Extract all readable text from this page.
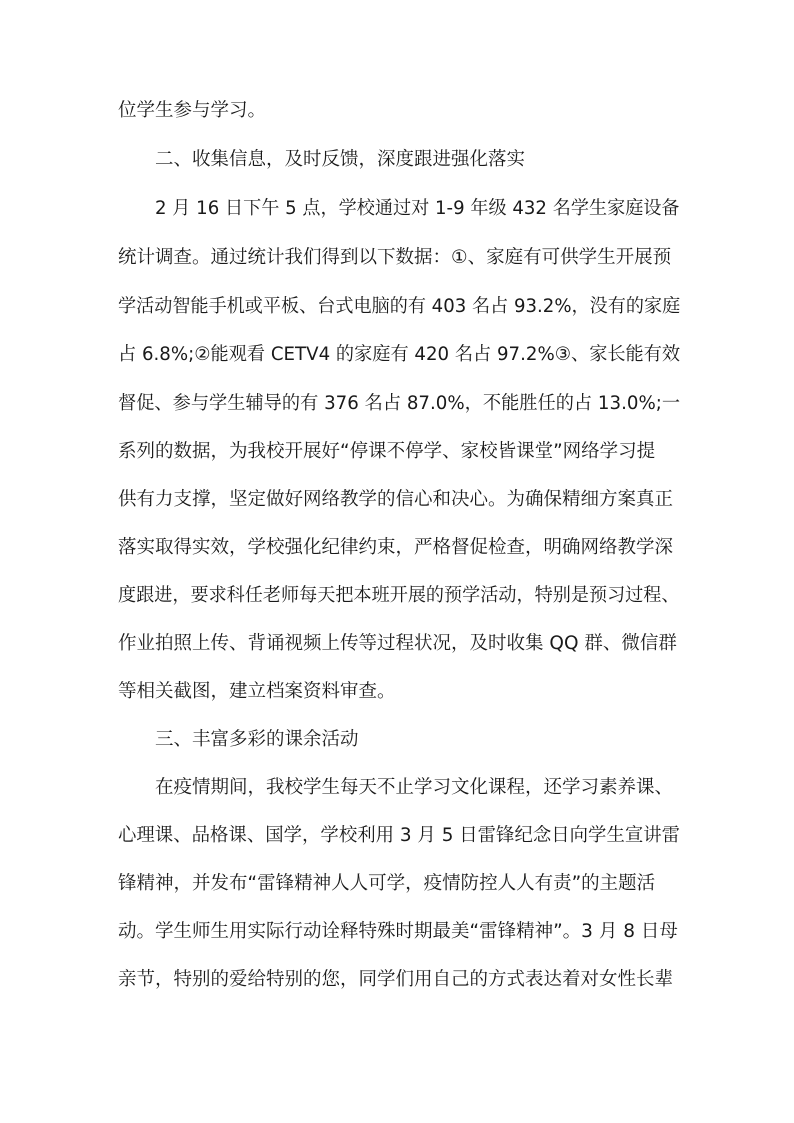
位学生参与学习。
二、收集信息，及时反馈，深度跟进强化落实
2 月 16 日下午 5 点，学校通过对 1-9 年级 432 名学生家庭设备
统计调查。通过统计我们得到以下数据：①、家庭有可供学生开展预
学活动智能手机或平板、台式电脑的有 403 名占 93.2%，没有的家庭
占 6.8%;②能观看 CETV4 的家庭有 420 名占 97.2%③、家长能有效
督促、参与学生辅导的有 376 名占 87.0%，不能胜任的占 13.0%;一
系列的数据，为我校开展好“停课不停学、家校皆课堂”网络学习提
供有力支撑，坚定做好网络教学的信心和决心。为确保精细方案真正
落实取得实效，学校强化纪律约束，严格督促检查，明确网络教学深
度跟进，要求科任老师每天把本班开展的预学活动，特别是预习过程、
作业拍照上传、背诵视频上传等过程状况，及时收集 QQ 群、微信群
等相关截图，建立档案资料审查。
三、丰富多彩的课余活动
在疫情期间，我校学生每天不止学习文化课程，还学习素养课、
心理课、品格课、国学，学校利用 3 月 5 日雷锋纪念日向学生宣讲雷
锋精神，并发布“雷锋精神人人可学，疫情防控人人有责”的主题活
动。学生师生用实际行动诠释特殊时期最美“雷锋精神”。3 月 8 日母
亲节，特别的爱给特别的您，同学们用自己的方式表达着对女性长辈
